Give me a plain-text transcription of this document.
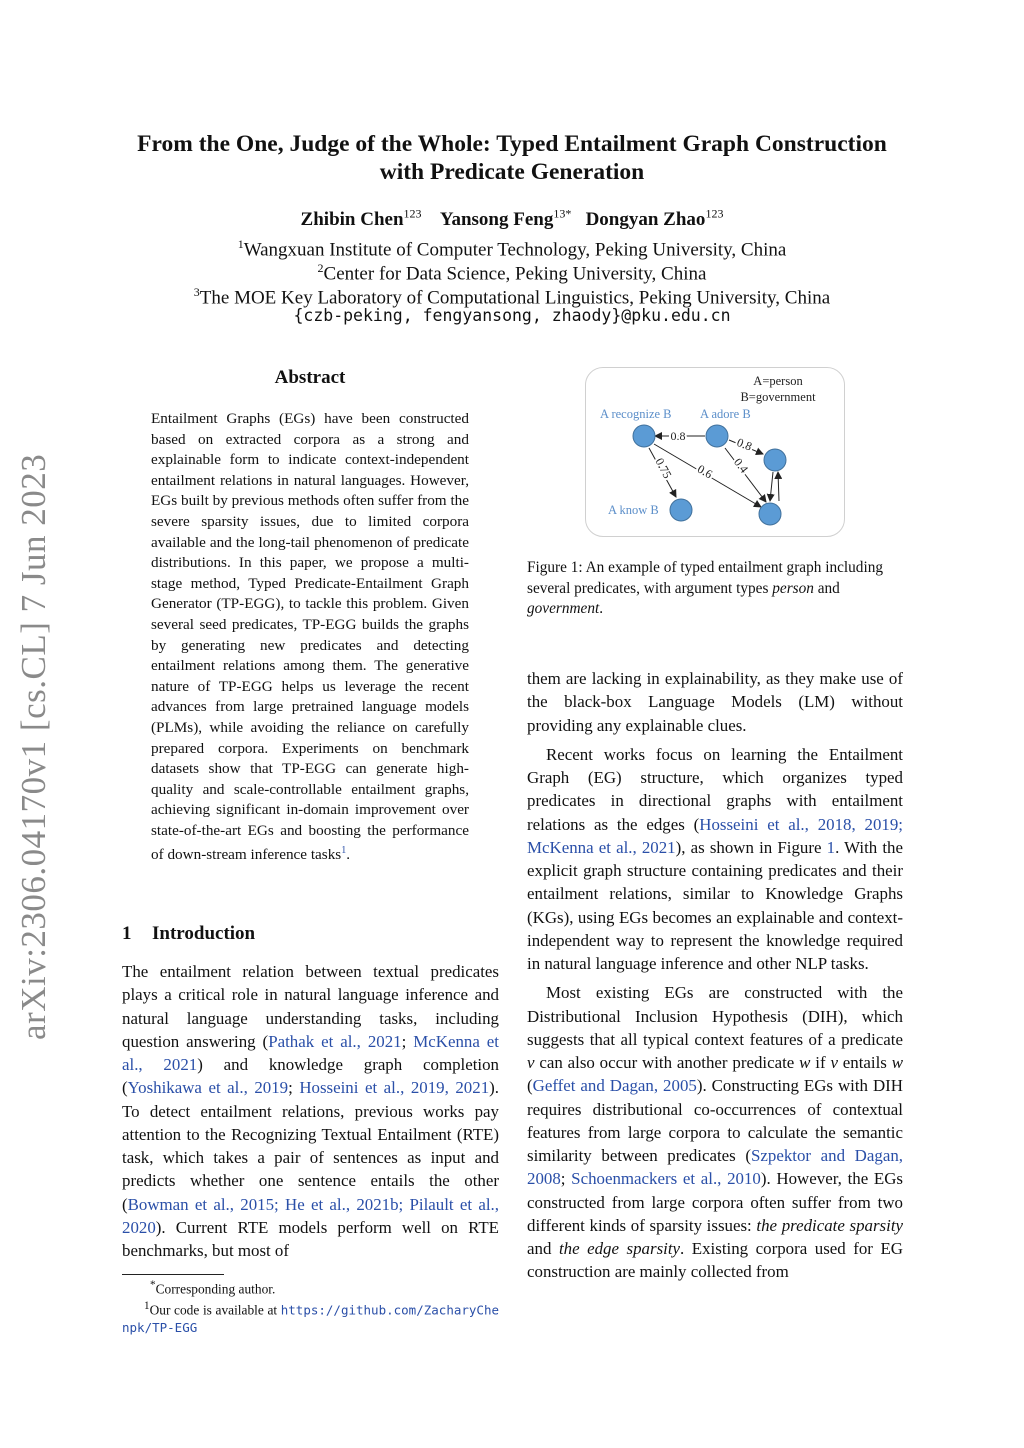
arXiv:2306.04170v1 [cs.CL] 7 Jun 2023
From the One, Judge of the Whole: Typed Entailment Graph Construction
with Predicate Generation
Zhibin Chen$^{123}$ Yansong Feng$^{13*}$ Dongyan Zhao$^{123}$
$^1$Wangxuan Institute of Computer Technology, Peking University, China
$^2$Center for Data Science, Peking University, China
$^3$The MOE Key Laboratory of Computational Linguistics, Peking University, China
{czb-peking, fengyansong, zhaody}@pku.edu.cn
Abstract
Entailment Graphs (EGs) have been constructed based on extracted corpora as a strong and explainable form to indicate context-independent entailment relations in natural languages. However, EGs built by previous methods often suffer from the severe sparsity issues, due to limited corpora available and the long-tail phenomenon of predicate distributions. In this paper, we propose a multi-stage method, Typed Predicate-Entailment Graph Generator (TP-EGG), to tackle this problem. Given several seed predicates, TP-EGG builds the graphs by generating new predicates and detecting entailment relations among them. The generative nature of TP-EGG helps us leverage the recent advances from large pretrained language models (PLMs), while avoiding the reliance on carefully prepared corpora. Experiments on benchmark datasets show that TP-EGG can generate high-quality and scale-controllable entailment graphs, achieving significant in-domain improvement over state-of-the-art EGs and boosting the performance of down-stream inference tasks$^1$.
1 Introduction

The entailment relation between textual predicates plays a critical role in natural language inference and natural language understanding tasks, including question answering (Pathak et al., 2021; McKenna et al., 2021) and knowledge graph completion (Yoshikawa et al., 2019; Hosseini et al., 2019, 2021). To detect entailment relations, previous works pay attention to the Recognizing Textual Entailment (RTE) task, which takes a pair of sentences as input and predicts whether one sentence entails the other (Bowman et al., 2015; He et al., 2021b; Pilault et al., 2020). Current RTE models perform well on RTE benchmarks, but most of

*Corresponding author.

$^1$Our code is available at https://github.com/ZacharyChenpk/TP-EGG

A=person
B=government
A recognize B A adore B
A know B
0.8	0.8
0.75 0.6 0.4
Figure 1: An example of typed entailment graph including several predicates, with argument types person and government.

them are lacking in explainability, as they make use of the black-box Language Models (LM) without providing any explainable clues.

Recent works focus on learning the Entailment Graph (EG) structure, which organizes typed predicates in directional graphs with entailment relations as the edges (Hosseini et al., 2018, 2019; McKenna et al., 2021), as shown in Figure 1. With the explicit graph structure containing predicates and their entailment relations, similar to Knowledge Graphs (KGs), using EGs becomes an explainable and context-independent way to represent the knowledge required in natural language inference and other NLP tasks.

Most existing EGs are constructed with the Distributional Inclusion Hypothesis (DIH), which suggests that all typical context features of a predicate v can also occur with another predicate w if v entails w (Geffet and Dagan, 2005). Constructing EGs with DIH requires distributional co-occurrences of contextual features from large corpora to calculate the semantic similarity between predicates (Szpektor and Dagan, 2008; Schoenmackers et al., 2010). However, the EGs constructed from large corpora often suffer from two different kinds of sparsity issues: the predicate sparsity and the edge sparsity. Existing corpora used for EG construction are mainly collected from
